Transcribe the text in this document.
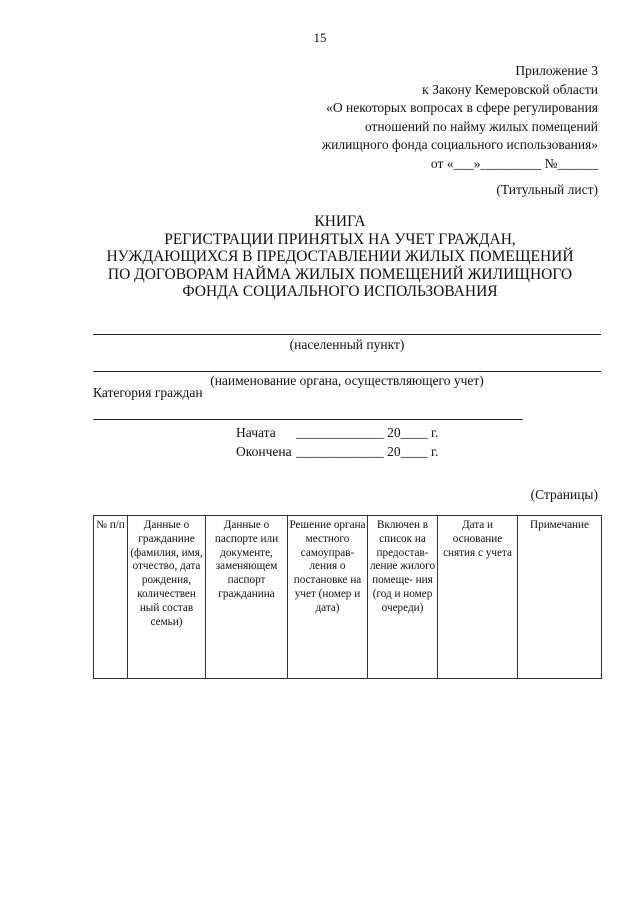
15
Приложение 3
к Закону Кемеровской области
«О некоторых вопросах в сфере регулирования
отношений по найму жилых помещений
жилищного фонда социального использования»
от «___»_________ №______
(Титульный лист)
КНИГА
РЕГИСТРАЦИИ ПРИНЯТЫХ НА УЧЕТ ГРАЖДАН,
НУЖДАЮЩИХСЯ В ПРЕДОСТАВЛЕНИИ ЖИЛЫХ ПОМЕЩЕНИЙ
ПО ДОГОВОРАМ НАЙМА ЖИЛЫХ ПОМЕЩЕНИЙ ЖИЛИЩНОГО
ФОНДА СОЦИАЛЬНОГО ИСПОЛЬЗОВАНИЯ
(населенный пункт)
(наименование органа, осуществляющего учет)
Категория граждан
Начата	_____________ 20____ г.
Окончена _____________ 20____ г.
(Страницы)
№ п/п	Данные о гражданине (фамилия, имя, отчество, дата рождения, количествен ный состав семьи)	Данные о паспорте или документе, заменяющем паспорт гражданина	Решение органа местного самоуправ- ления о постановке на учет (номер и дата)	Включен в список на предостав- ление жилого помеще- ния (год и номер очереди)	Дата и основание снятия с учета	Примечание
